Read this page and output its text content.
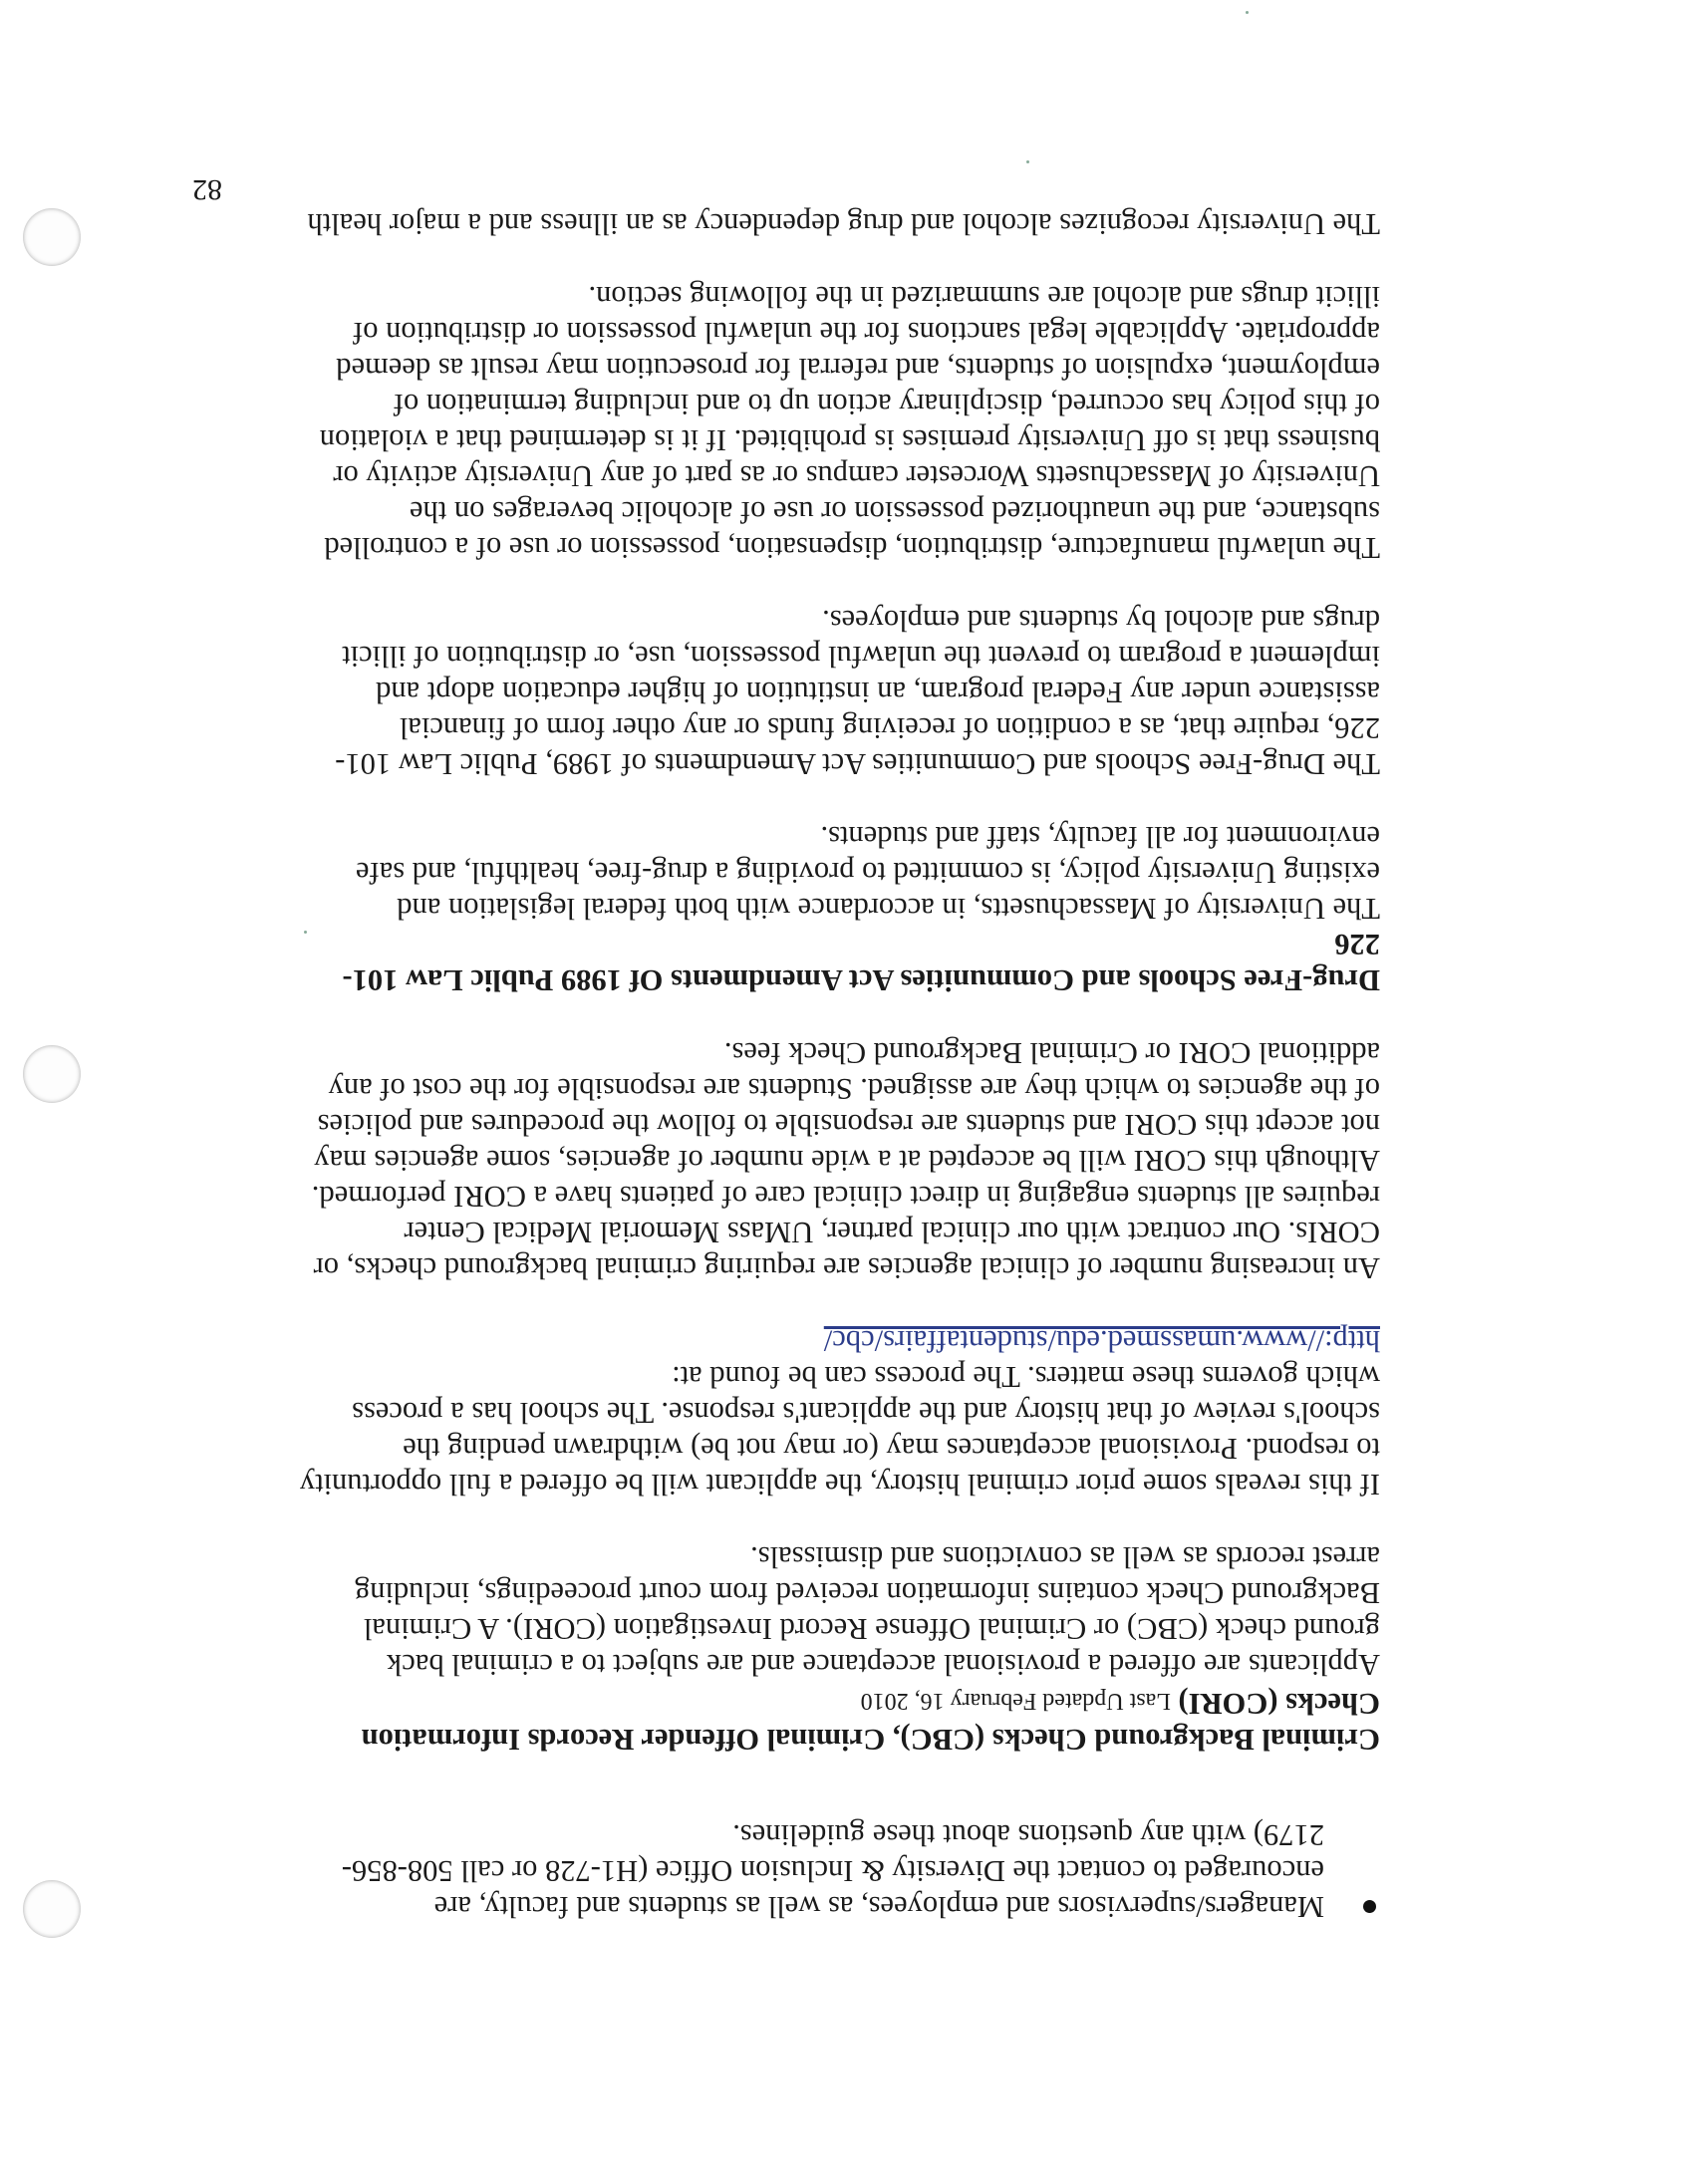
Managers/supervisors and employees, as well as students and faculty, are encouraged to contact the Diversity & Inclusion Office (H1-728 or call 508-856-2179) with any questions about these guidelines.

Criminal Background Checks (CBC), Criminal Offender Records Information Checks (CORI) Last Updated February 16, 2010

Applicants are offered a provisional acceptance and are subject to a criminal back ground check (CBC) or Criminal Offense Record Investigation (CORI). A Criminal Background Check contains information received from court proceedings, including arrest records as well as convictions and dismissals.

If this reveals some prior criminal history, the applicant will be offered a full opportunity to respond. Provisional acceptances may (or may not be) withdrawn pending the school's review of that history and the applicant's response. The school has a process which governs these matters. The process can be found at: http://www.umassmed.edu/studentaffairs/cbc/

An increasing number of clinical agencies are requiring criminal background checks, or CORIs. Our contract with our clinical partner, UMass Memorial Medical Center requires all students engaging in direct clinical care of patients have a CORI performed. Although this CORI will be accepted at a wide number of agencies, some agencies may not accept this CORI and students are responsible to follow the procedures and policies of the agencies to which they are assigned. Students are responsible for the cost of any additional CORI or Criminal Background Check fees.

Drug-Free Schools and Communities Act Amendments Of 1989 Public Law 101-226

The University of Massachusetts, in accordance with both federal legislation and existing University policy, is committed to providing a drug-free, healthful, and safe environment for all faculty, staff and students.

The Drug-Free Schools and Communities Act Amendments of 1989, Public Law 101-226, require that, as a condition of receiving funds or any other form of financial assistance under any Federal program, an institution of higher education adopt and implement a program to prevent the unlawful possession, use, or distribution of illicit drugs and alcohol by students and employees.

The unlawful manufacture, distribution, dispensation, possession or use of a controlled substance, and the unauthorized possession or use of alcoholic beverages on the University of Massachusetts Worcester campus or as part of any University activity or business that is off University premises is prohibited. If it is determined that a violation of this policy has occurred, disciplinary action up to and including termination of employment, expulsion of students, and referral for prosecution may result as deemed appropriate. Applicable legal sanctions for the unlawful possession or distribution of illicit drugs and alcohol are summarized in the following section.

The University recognizes alcohol and drug dependency as an illness and a major health

82
